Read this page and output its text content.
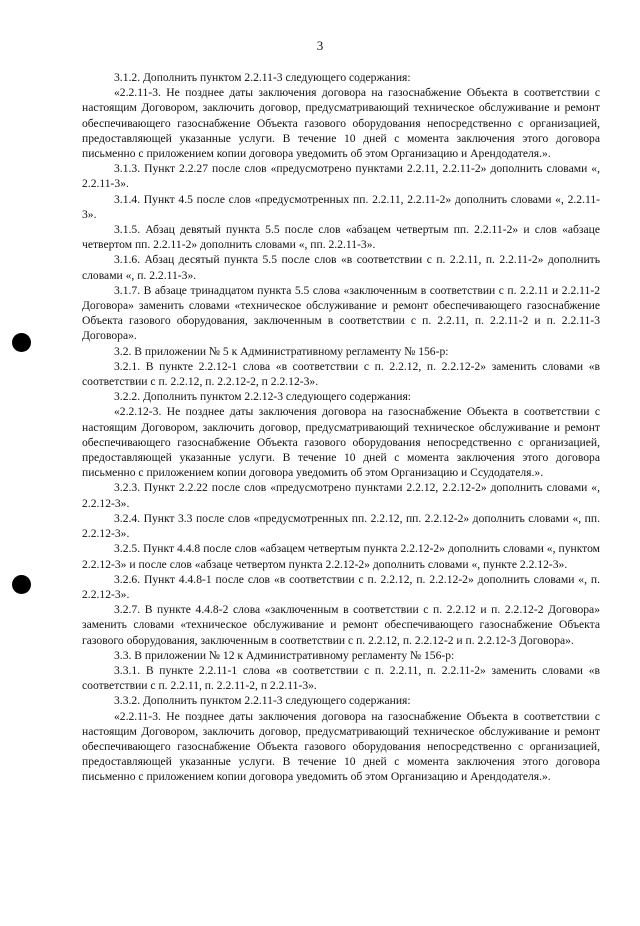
3

3.1.2. Дополнить пунктом 2.2.11-3 следующего содержания:

«2.2.11-3. Не позднее даты заключения договора на газоснабжение Объекта в соответствии с настоящим Договором, заключить договор, предусматривающий техническое обслуживание и ремонт обеспечивающего газоснабжение Объекта газового оборудования непосредственно с организацией, предоставляющей указанные услуги. В течение 10 дней с момента заключения этого договора письменно с приложением копии договора уведомить об этом Организацию и Арендодателя.».

3.1.3. Пункт 2.2.27 после слов «предусмотрено пунктами 2.2.11, 2.2.11-2» дополнить словами «, 2.2.11-3».

3.1.4. Пункт 4.5 после слов «предусмотренных пп. 2.2.11, 2.2.11-2» дополнить словами «, 2.2.11-3».

3.1.5. Абзац девятый пункта 5.5 после слов «абзацем четвертым пп. 2.2.11-2» и слов «абзаце четвертом пп. 2.2.11-2» дополнить словами «, пп. 2.2.11-3».

3.1.6. Абзац десятый пункта 5.5 после слов «в соответствии с п. 2.2.11, п. 2.2.11-2» дополнить словами «, п. 2.2.11-3».

3.1.7. В абзаце тринадцатом пункта 5.5 слова «заключенным в соответствии с п. 2.2.11 и 2.2.11-2 Договора» заменить словами «техническое обслуживание и ремонт обеспечивающего газоснабжение Объекта газового оборудования, заключенным в соответствии с п. 2.2.11, п. 2.2.11-2 и п. 2.2.11-3 Договора».

3.2. В приложении № 5 к Административному регламенту № 156-р:

3.2.1. В пункте 2.2.12-1 слова «в соответствии с п. 2.2.12, п. 2.2.12-2» заменить словами «в соответствии с п. 2.2.12, п. 2.2.12-2, п 2.2.12-3».

3.2.2. Дополнить пунктом 2.2.12-3 следующего содержания:

«2.2.12-3. Не позднее даты заключения договора на газоснабжение Объекта в соответствии с настоящим Договором, заключить договор, предусматривающий техническое обслуживание и ремонт обеспечивающего газоснабжение Объекта газового оборудования непосредственно с организацией, предоставляющей указанные услуги. В течение 10 дней с момента заключения этого договора письменно с приложением копии договора уведомить об этом Организацию и Ссудодателя.».

3.2.3. Пункт 2.2.22 после слов «предусмотрено пунктами 2.2.12, 2.2.12-2» дополнить словами «, 2.2.12-3».

3.2.4. Пункт 3.3 после слов «предусмотренных пп. 2.2.12, пп. 2.2.12-2» дополнить словами «, пп. 2.2.12-3».

3.2.5. Пункт 4.4.8 после слов «абзацем четвертым пункта 2.2.12-2» дополнить словами «, пунктом 2.2.12-3» и после слов «абзаце четвертом пункта 2.2.12-2» дополнить словами «, пункте 2.2.12-3».

3.2.6. Пункт 4.4.8-1 после слов «в соответствии с п. 2.2.12, п. 2.2.12-2» дополнить словами «, п. 2.2.12-3».

3.2.7. В пункте 4.4.8-2 слова «заключенным в соответствии с п. 2.2.12 и п. 2.2.12-2 Договора» заменить словами «техническое обслуживание и ремонт обеспечивающего газоснабжение Объекта газового оборудования, заключенным в соответствии с п. 2.2.12, п. 2.2.12-2 и п. 2.2.12-3 Договора».

3.3. В приложении № 12 к Административному регламенту № 156-р:

3.3.1. В пункте 2.2.11-1 слова «в соответствии с п. 2.2.11, п. 2.2.11-2» заменить словами «в соответствии с п. 2.2.11, п. 2.2.11-2, п 2.2.11-3».

3.3.2. Дополнить пунктом 2.2.11-3 следующего содержания:

«2.2.11-3. Не позднее даты заключения договора на газоснабжение Объекта в соответствии с настоящим Договором, заключить договор, предусматривающий техническое обслуживание и ремонт обеспечивающего газоснабжение Объекта газового оборудования непосредственно с организацией, предоставляющей указанные услуги. В течение 10 дней с момента заключения этого договора письменно с приложением копии договора уведомить об этом Организацию и Арендодателя.».
